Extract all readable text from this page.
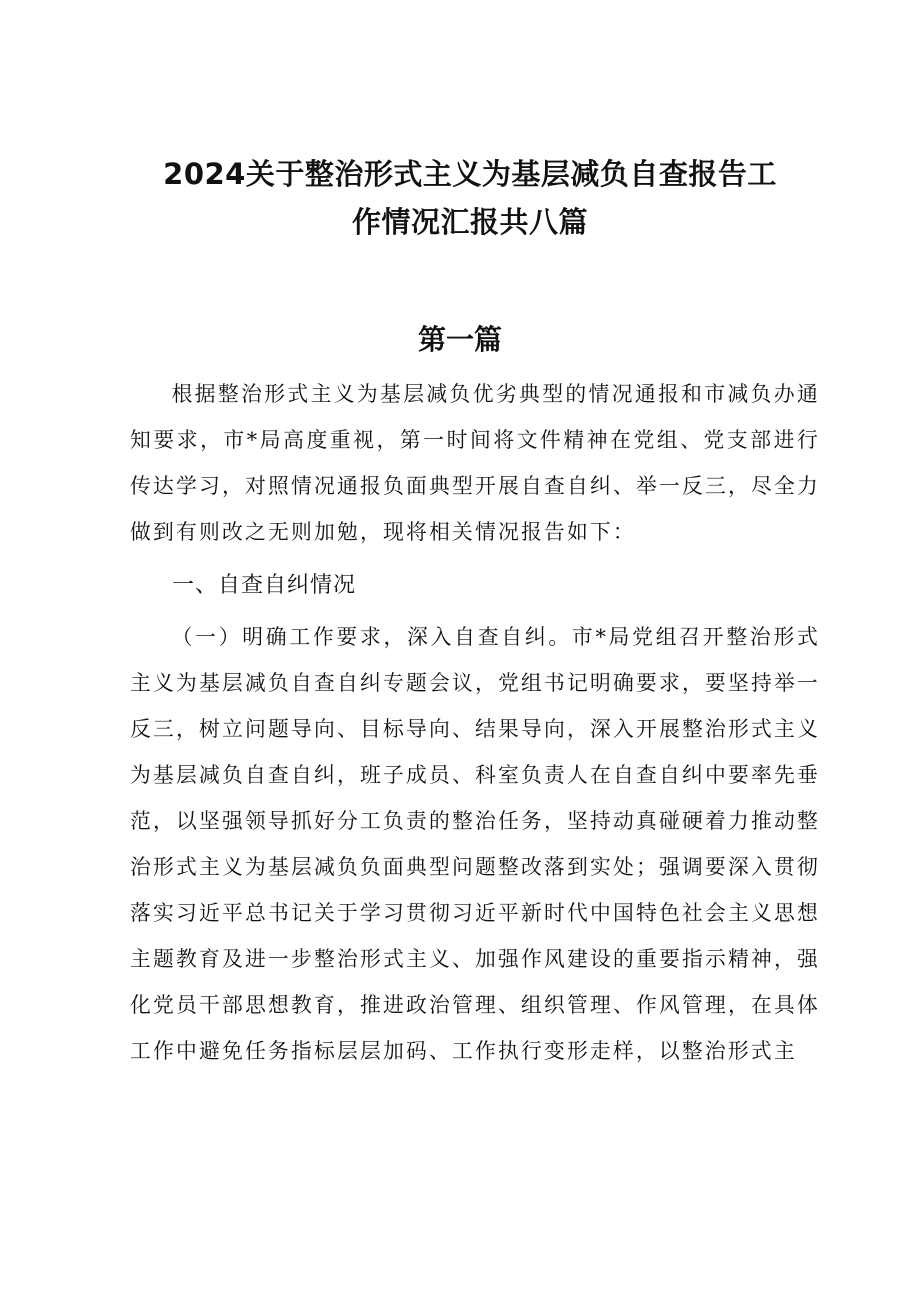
2024关于整治形式主义为基层减负自查报告工作情况汇报共八篇
第一篇

根据整治形式主义为基层减负优劣典型的情况通报和市减负办通知要求，市*局高度重视，第一时间将文件精神在党组、党支部进行传达学习，对照情况通报负面典型开展自查自纠、举一反三，尽全力做到有则改之无则加勉，现将相关情况报告如下：

一、自查自纠情况

（一）明确工作要求，深入自查自纠。市*局党组召开整治形式主义为基层减负自查自纠专题会议，党组书记明确要求，要坚持举一反三，树立问题导向、目标导向、结果导向，深入开展整治形式主义为基层减负自查自纠，班子成员、科室负责人在自查自纠中要率先垂范，以坚强领导抓好分工负责的整治任务，坚持动真碰硬着力推动整治形式主义为基层减负负面典型问题整改落到实处；强调要深入贯彻落实习近平总书记关于学习贯彻习近平新时代中国特色社会主义思想主题教育及进一步整治形式主义、加强作风建设的重要指示精神，强化党员干部思想教育，推进政治管理、组织管理、作风管理，在具体工作中避免任务指标层层加码、工作执行变形走样，以整治形式主
